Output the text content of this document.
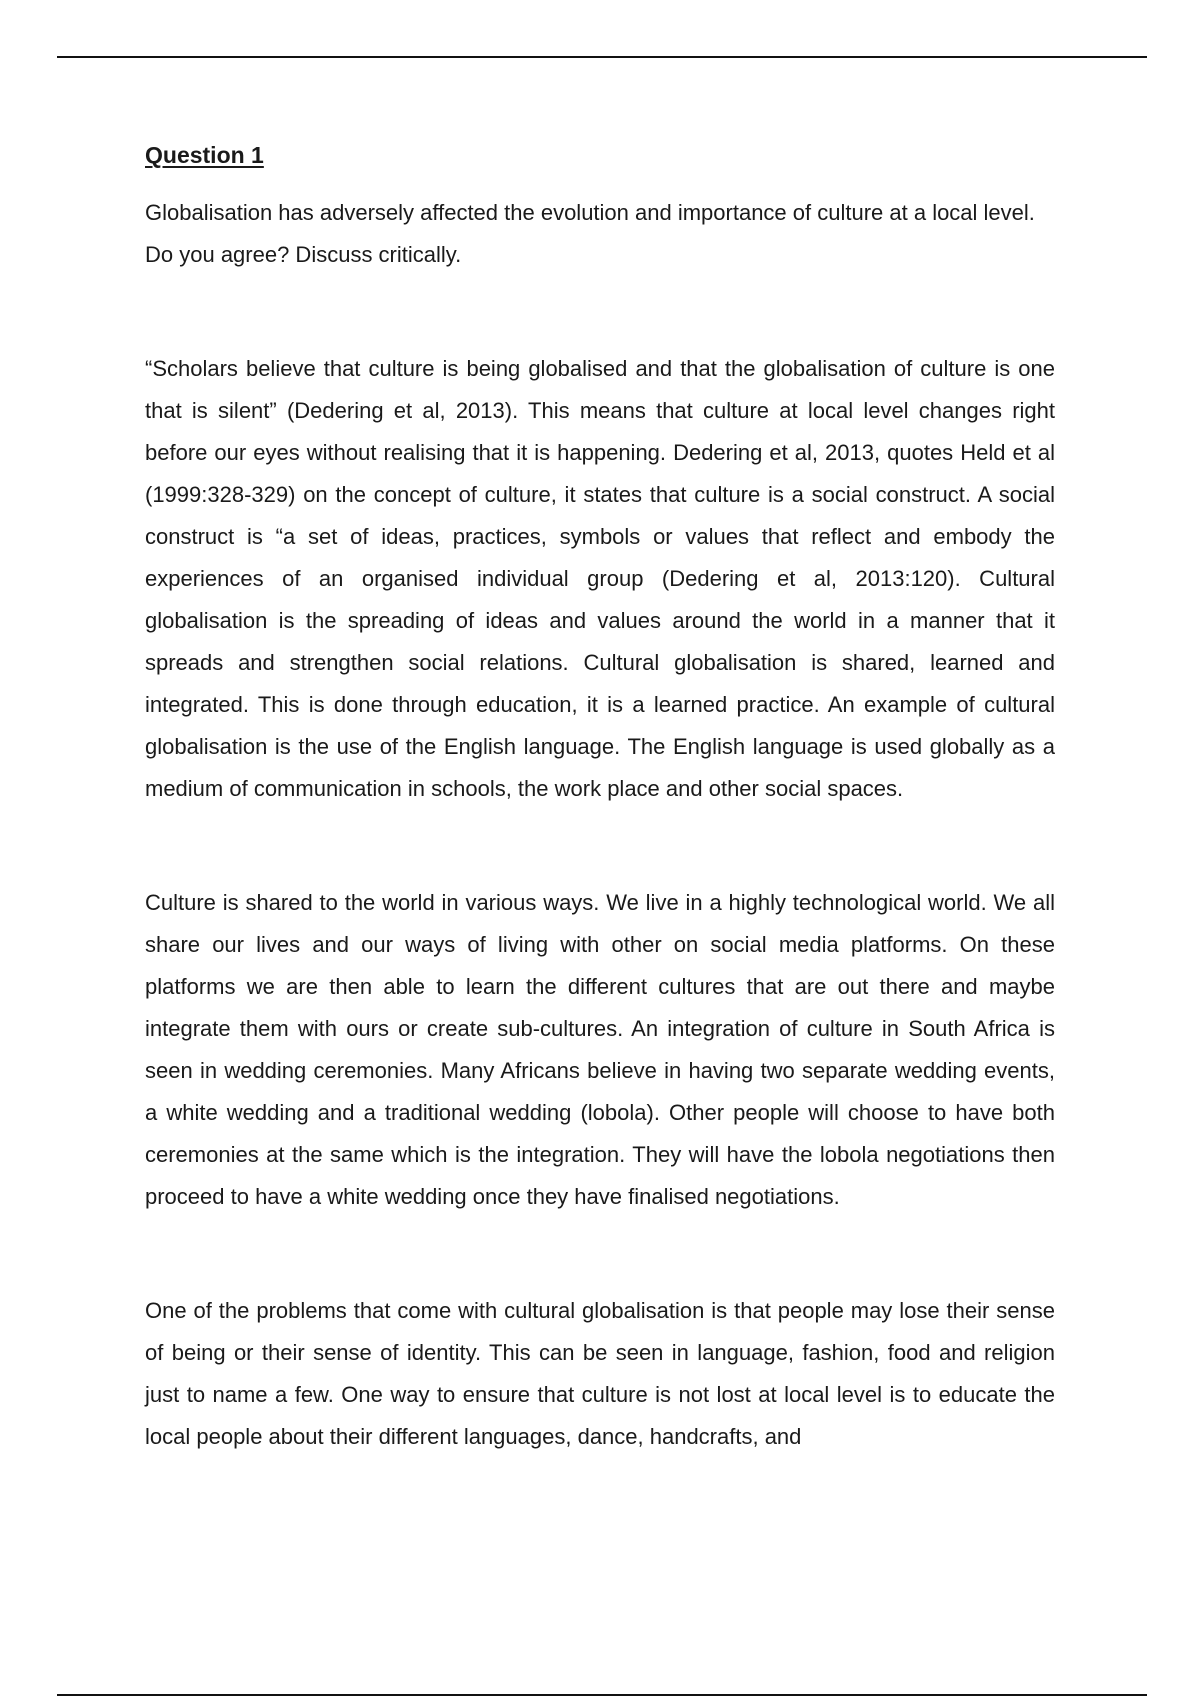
Question 1

Globalisation has adversely affected the evolution and importance of culture at a local level. Do you agree? Discuss critically.

“Scholars believe that culture is being globalised and that the globalisation of culture is one that is silent” (Dedering et al, 2013). This means that culture at local level changes right before our eyes without realising that it is happening. Dedering et al, 2013, quotes Held et al (1999:328-329) on the concept of culture, it states that culture is a social construct. A social construct is “a set of ideas, practices, symbols or values that reflect and embody the experiences of an organised individual group (Dedering et al, 2013:120). Cultural globalisation is the spreading of ideas and values around the world in a manner that it spreads and strengthen social relations. Cultural globalisation is shared, learned and integrated. This is done through education, it is a learned practice. An example of cultural globalisation is the use of the English language. The English language is used globally as a medium of communication in schools, the work place and other social spaces.

Culture is shared to the world in various ways. We live in a highly technological world. We all share our lives and our ways of living with other on social media platforms. On these platforms we are then able to learn the different cultures that are out there and maybe integrate them with ours or create sub-cultures. An integration of culture in South Africa is seen in wedding ceremonies. Many Africans believe in having two separate wedding events, a white wedding and a traditional wedding (lobola). Other people will choose to have both ceremonies at the same which is the integration. They will have the lobola negotiations then proceed to have a white wedding once they have finalised negotiations.

One of the problems that come with cultural globalisation is that people may lose their sense of being or their sense of identity. This can be seen in language, fashion, food and religion just to name a few. One way to ensure that culture is not lost at local level is to educate the local people about their different languages, dance, handcrafts, and
